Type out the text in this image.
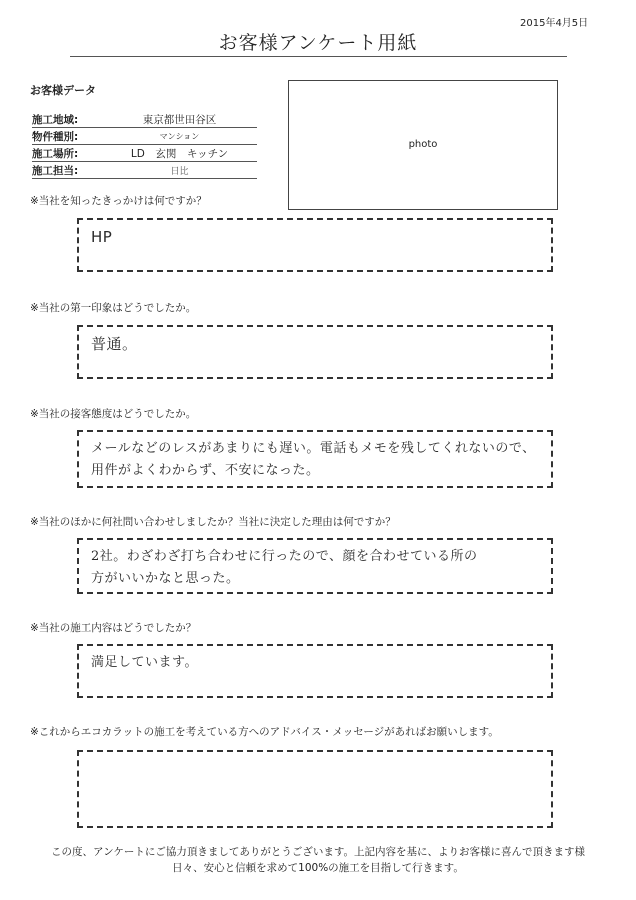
2015年4月5日
お客様アンケート用紙
お客様データ
施工地域:	東京都世田谷区
物件種別:	マンション
施工場所:	LD　玄関　キッチン
施工担当:	日比
photo
※当社を知ったきっかけは何ですか？
HP
※当社の第一印象はどうでしたか。
普通。
※当社の接客態度はどうでしたか。
メールなどのレスがあまりにも遅い。電話もメモを残してくれないので、
用件がよくわからず、不安になった。
※当社のほかに何社問い合わせしましたか？当社に決定した理由は何ですか？
2社。わざわざ打ち合わせに行ったので、顔を合わせている所の
方がいいかなと思った。
※当社の施工内容はどうでしたか？
満足しています。
※これからエコカラットの施工を考えている方へのアドバイス・メッセージがあればお願いします。
この度、アンケートにご協力頂きましてありがとうございます。上記内容を基に、よりお客様に喜んで頂きます様
日々、安心と信頼を求めて100%の施工を目指して行きます。
